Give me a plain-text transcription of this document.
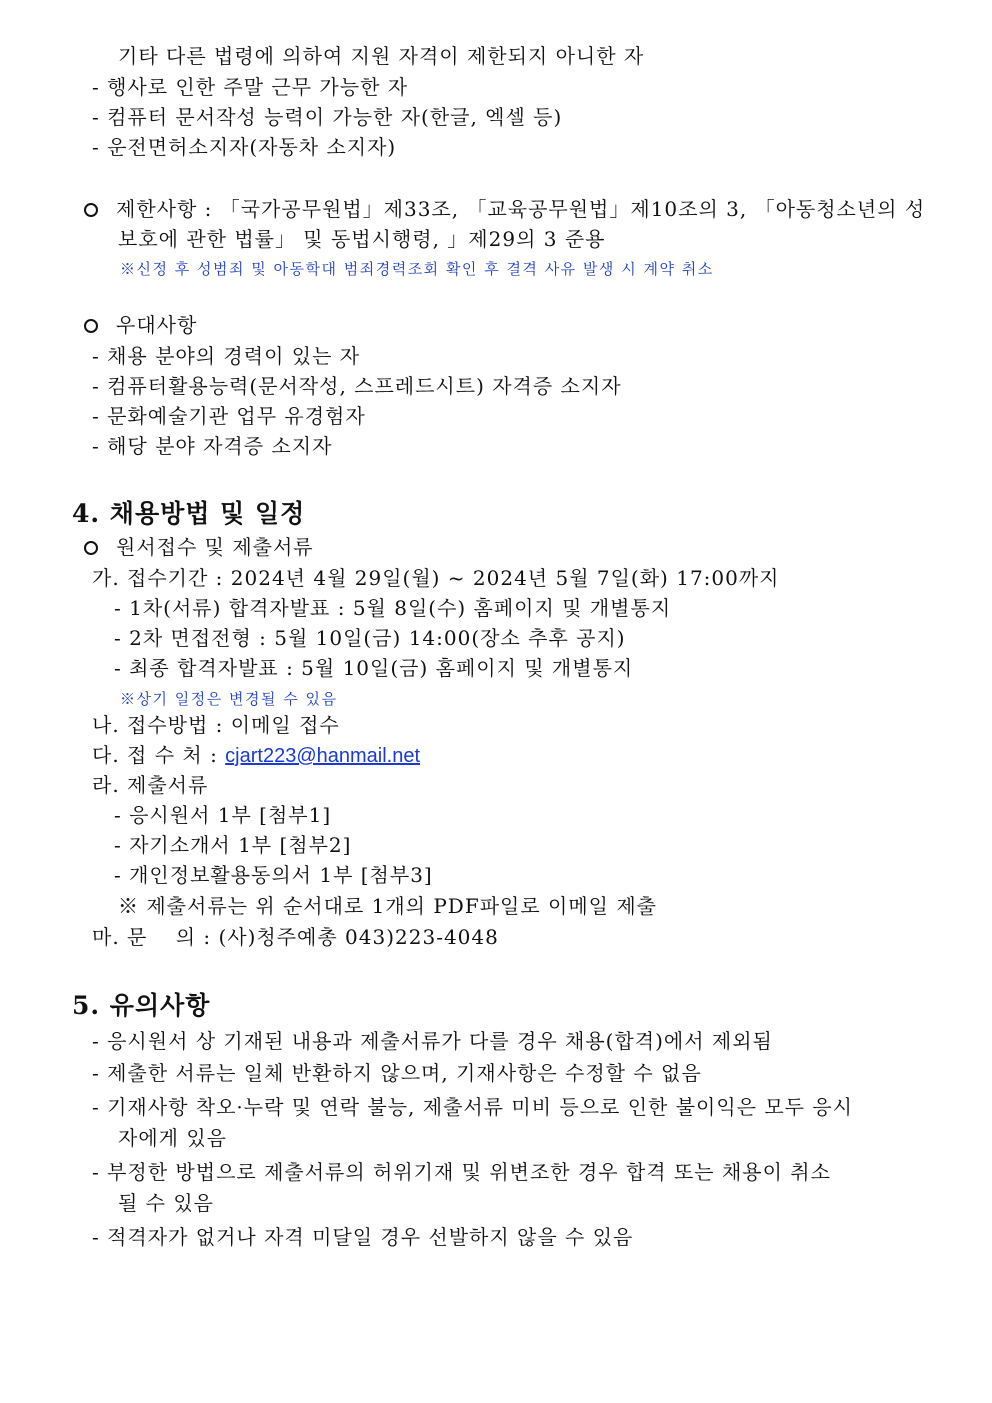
기타 다른 법령에 의하여 지원 자격이 제한되지 아니한 자
- 행사로 인한 주말 근무 가능한 자
- 컴퓨터 문서작성 능력이 가능한 자(한글, 엑셀 등)
- 운전면허소지자(자동차 소지자)
제한사항 : 「국가공무원법」제33조, 「교육공무원법」제10조의 3, 「아동청소년의 성
보호에 관한 법률」 및 동법시행령, 」제29의 3 준용
※신정 후 성범죄 및 아동학대 범죄경력조회 확인 후 결격 사유 발생 시 계약 취소
우대사항
- 채용 분야의 경력이 있는 자
- 컴퓨터활용능력(문서작성, 스프레드시트) 자격증 소지자
- 문화예술기관 업무 유경험자
- 해당 분야 자격증 소지자
4. 채용방법 및 일정
원서접수 및 제출서류
가. 접수기간 : 2024년 4월 29일(월) ~ 2024년 5월 7일(화) 17:00까지
- 1차(서류) 합격자발표 : 5월 8일(수) 홈페이지 및 개별통지
- 2차 면접전형 : 5월 10일(금) 14:00(장소 추후 공지)
- 최종 합격자발표 : 5월 10일(금) 홈페이지 및 개별통지
※상기 일정은 변경될 수 있음
나. 접수방법 : 이메일 접수
다. 접 수 처 : cjart223@hanmail.net
라. 제출서류
- 응시원서 1부 [첨부1]
- 자기소개서 1부 [첨부2]
- 개인정보활용동의서 1부 [첨부3]
※ 제출서류는 위 순서대로 1개의 PDF파일로 이메일 제출
마. 문　 의 : (사)청주예총 043)223-4048
5. 유의사항
- 응시원서 상 기재된 내용과 제출서류가 다를 경우 채용(합격)에서 제외됨
- 제출한 서류는 일체 반환하지 않으며, 기재사항은 수정할 수 없음
- 기재사항 착오·누락 및 연락 불능, 제출서류 미비 등으로 인한 불이익은 모두 응시
자에게 있음
- 부정한 방법으로 제출서류의 허위기재 및 위변조한 경우 합격 또는 채용이 취소
될 수 있음
- 적격자가 없거나 자격 미달일 경우 선발하지 않을 수 있음
